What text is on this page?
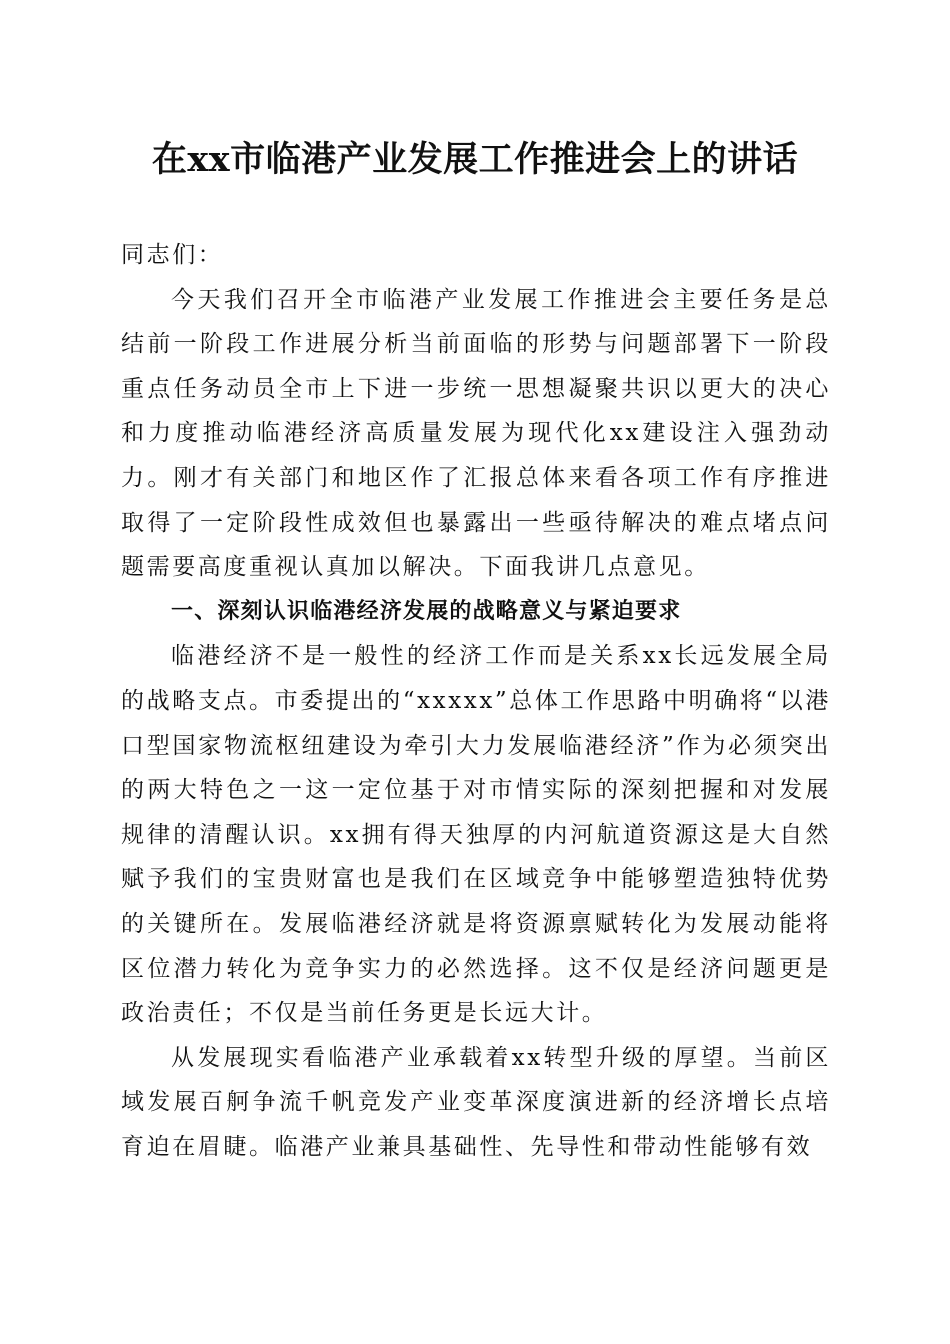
在xx市临港产业发展工作推进会上的讲话

同志们：

今天我们召开全市临港产业发展工作推进会主要任务是总结前一阶段工作进展分析当前面临的形势与问题部署下一阶段重点任务动员全市上下进一步统一思想凝聚共识以更大的决心和力度推动临港经济高质量发展为现代化xx建设注入强劲动力。刚才有关部门和地区作了汇报总体来看各项工作有序推进取得了一定阶段性成效但也暴露出一些亟待解决的难点堵点问题需要高度重视认真加以解决。下面我讲几点意见。

一、深刻认识临港经济发展的战略意义与紧迫要求

临港经济不是一般性的经济工作而是关系xx长远发展全局的战略支点。市委提出的“xxxxx”总体工作思路中明确将“以港口型国家物流枢纽建设为牵引大力发展临港经济”作为必须突出的两大特色之一这一定位基于对市情实际的深刻把握和对发展规律的清醒认识。xx拥有得天独厚的内河航道资源这是大自然赋予我们的宝贵财富也是我们在区域竞争中能够塑造独特优势的关键所在。发展临港经济就是将资源禀赋转化为发展动能将区位潜力转化为竞争实力的必然选择。这不仅是经济问题更是政治责任；不仅是当前任务更是长远大计。

从发展现实看临港产业承载着xx转型升级的厚望。当前区域发展百舸争流千帆竞发产业变革深度演进新的经济增长点培育迫在眉睫。临港产业兼具基础性、先导性和带动性能够有效
